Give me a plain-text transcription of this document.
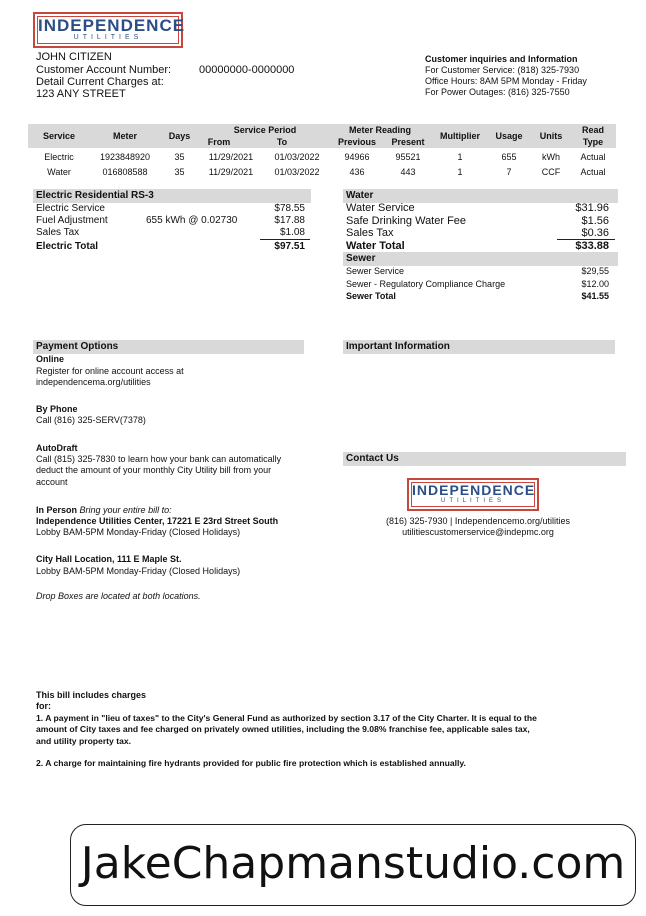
INDEPENDENCE
UTILITIES
JOHN CITIZEN
Customer Account Number:	00000000-0000000
Detail Current Charges at:
123 ANY STREET
Customer inquiries and Information
For Customer Service: (818) 325-7930
Office Hours: 8AM 5PM Monday - Friday
For Power Outages: (816) 325-7550
Service	Meter	Days
Service Period
From	To
Meter Reading
Previous	Present
Multiplier	Usage	Units
Read
Type
Electric	1923848920	35	11/29/2021	01/03/2022	94966	95521	1	655	kWh	Actual
Water	016808588	35	11/29/2021	01/03/2022	436	443	1	7	CCF	Actual
Electric Residential RS-3
Electric Service	$78.55
Fuel Adjustment	655 kWh @ 0.02730	$17.88
Sales Tax	$1.08
Electric Total	$97.51
Water
Water Service	$31.96
Safe Drinking Water Fee	$1.56
Sales Tax	$0.36
Water Total	$33.88
Sewer
Sewer Service	$29,55
Sewer - Regulatory Compliance Charge	$12.00
Sewer Total	$41.55
Payment Options
Online
Register for online account access at
independencema.org/utilities
By Phone
Call (816) 325-SERV(7378)
AutoDraft
Call (815) 325-7830 to learn how your bank can automatically
deduct the amount of your monthly City Utility bill from your
account
In Person Bring your entire bill to:
Independence Utilities Center, 17221 E 23rd Street South
Lobby BAM-5PM Monday-Friday (Closed Holidays)
City Hall Location, 111 E Maple St.
Lobby BAM-5PM Monday-Friday (Closed Holidays)
Drop Boxes are located at both locations.
Important Information
Contact Us
INDEPENDENCE
UTILITIES
(816) 325-7930 | Independencemo.org/utilities
utilitiescustomerservice@indepmc.org
This bill includes charges
for:
1. A payment in "lieu of taxes" to the City's General Fund as authorized by section 3.17 of the City Charter. It is equal to the
amount of City taxes and fee charged on privately owned utilities, including the 9.08% franchise fee, applicable sales tax,
and utility property tax.
2. A charge for maintaining fire hydrants provided for public fire protection which is established annually.
JakeChapmanstudio.com
